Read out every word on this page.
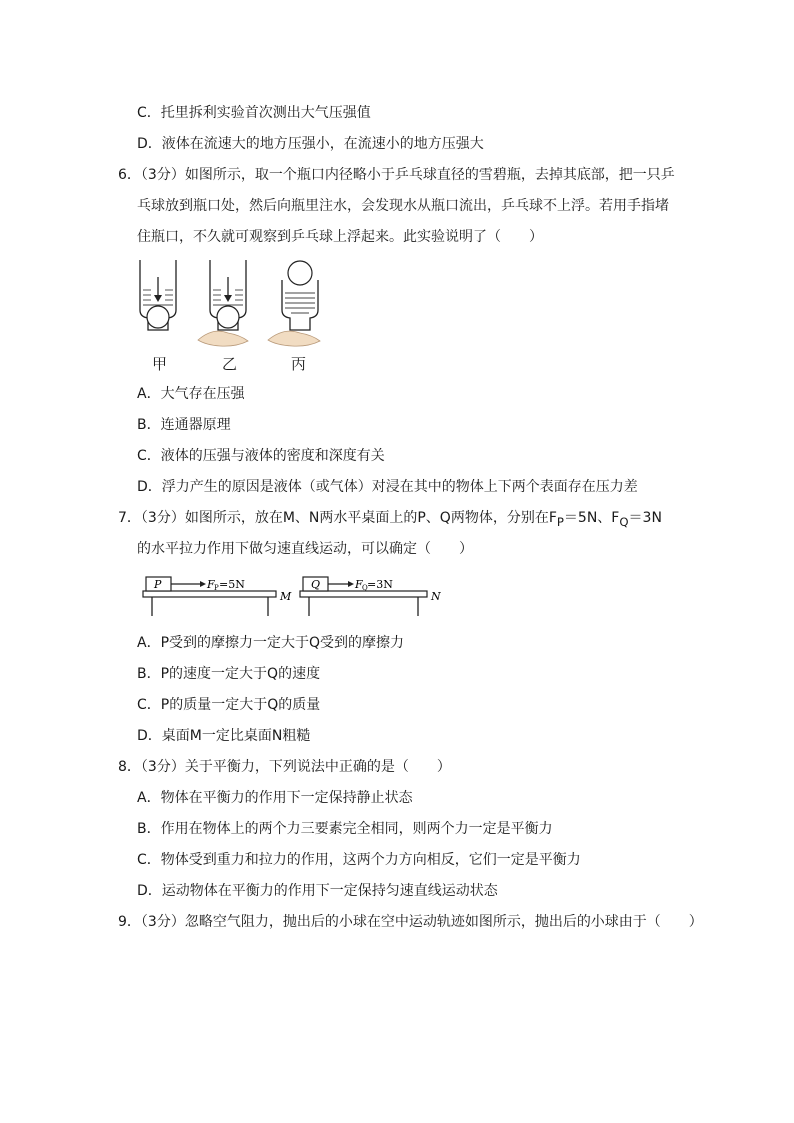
C．托里拆利实验首次测出大气压强值
D．液体在流速大的地方压强小，在流速小的地方压强大
6．（3分）如图所示，取一个瓶口内径略小于乒乓球直径的雪碧瓶，去掉其底部，把一只乒
乓球放到瓶口处，然后向瓶里注水，会发现水从瓶口流出，乒乓球不上浮。若用手指堵
住瓶口，不久就可观察到乒乓球上浮起来。此实验说明了（　　）
甲	乙	丙
A．大气存在压强
B．连通器原理
C．液体的压强与液体的密度和深度有关
D．浮力产生的原因是液体（或气体）对浸在其中的物体上下两个表面存在压力差
7．（3分）如图所示，放在M、N两水平桌面上的P、Q两物体，分别在$F_P=5N$、$F_Q=3N$
的水平拉力作用下做匀速直线运动，可以确定（　　）
P	F P =5N
M
Q	F Q =3N
N
A．P受到的摩擦力一定大于Q受到的摩擦力
B．P的速度一定大于Q的速度
C．P的质量一定大于Q的质量
D．桌面M一定比桌面N粗糙
8．（3分）关于平衡力，下列说法中正确的是（　　）
A．物体在平衡力的作用下一定保持静止状态
B．作用在物体上的两个力三要素完全相同，则两个力一定是平衡力
C．物体受到重力和拉力的作用，这两个力方向相反，它们一定是平衡力
D．运动物体在平衡力的作用下一定保持匀速直线运动状态
9．（3分）忽略空气阻力，抛出后的小球在空中运动轨迹如图所示，抛出后的小球由于（　　）
